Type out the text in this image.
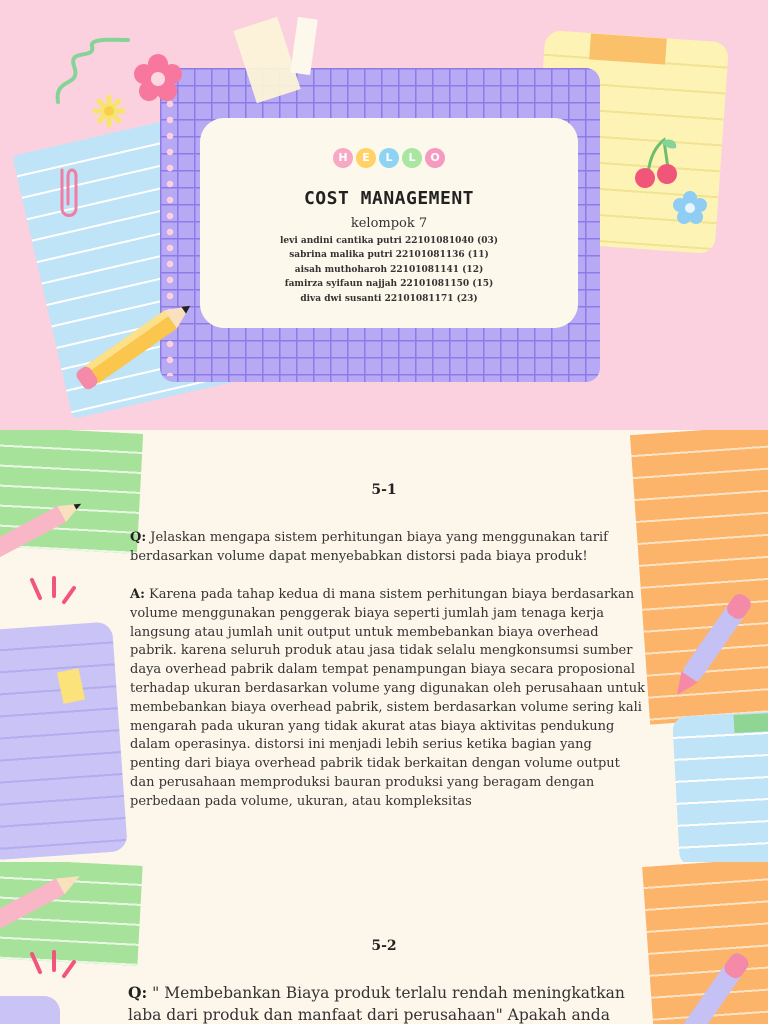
H	E	L	L	O
COST MANAGEMENT
kelompok 7
levi andini cantika putri 22101081040 (03)
sabrina malika putri 22101081136 (11)
aisah muthoharoh 22101081141 (12)
famirza syifaun najjah 22101081150 (15)
diva dwi susanti 22101081171 (23)
5-1
Q: Jelaskan mengapa sistem perhitungan biaya yang menggunakan tarif
berdasarkan volume dapat menyebabkan distorsi pada biaya produk!
A: Karena pada tahap kedua di mana sistem perhitungan biaya berdasarkan
volume menggunakan penggerak biaya seperti jumlah jam tenaga kerja
langsung atau jumlah unit output untuk membebankan biaya overhead
pabrik. karena seluruh produk atau jasa tidak selalu mengkonsumsi sumber
daya overhead pabrik dalam tempat penampungan biaya secara proposional
terhadap ukuran berdasarkan volume yang digunakan oleh perusahaan untuk
membebankan biaya overhead pabrik, sistem berdasarkan volume sering kali
mengarah pada ukuran yang tidak akurat atas biaya aktivitas pendukung
dalam operasinya. distorsi ini menjadi lebih serius ketika bagian yang
penting dari biaya overhead pabrik tidak berkaitan dengan volume output
dan perusahaan memproduksi bauran produksi yang beragam dengan
perbedaan pada volume, ukuran, atau kompleksitas
5-2
Q: " Membebankan Biaya produk terlalu rendah meningkatkan
laba dari produk dan manfaat dari perusahaan" Apakah anda
